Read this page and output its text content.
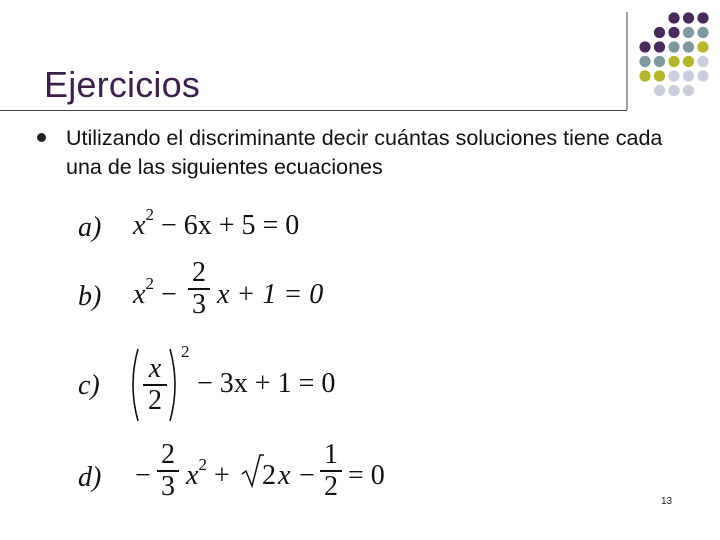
Ejercicios
Utilizando el discriminante decir cuántas soluciones tiene cada una de las siguientes ecuaciones
a) $x^2 - 6x + 5 = 0$
b) $x^2$ −
2
3 x + 1 = 0
c)
x
2
2
− 3x + 1 = 0
d) −
2
3 $x^2 + 2$ x −
1
2 = 0
13
